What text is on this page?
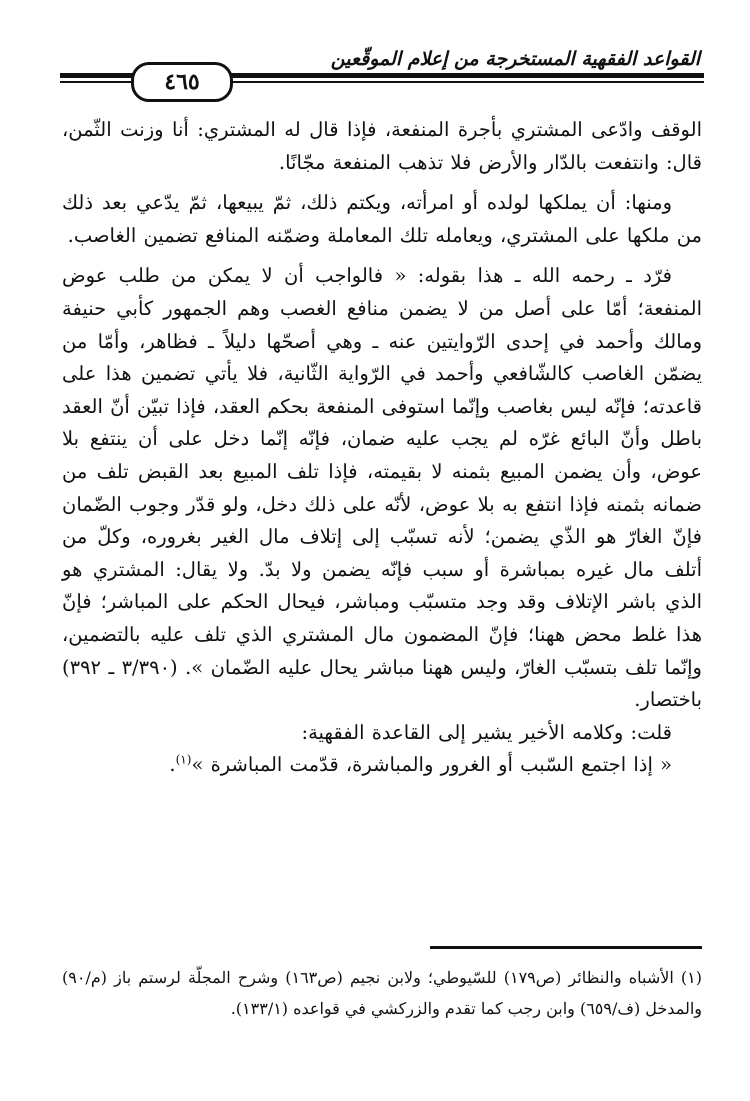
القواعد الفقهية المستخرجة من إعلام الموقّعين
٤٦٥

الوقف وادّعى المشتري بأجرة المنفعة، فإذا قال له المشتري: أنا وزنت الثّمن، قال: وانتفعت بالدّار والأرض فلا تذهب المنفعة مجّانًا.

ومنها: أن يملكها لولده أو امرأته، ويكتم ذلك، ثمّ يبيعها، ثمّ يدّعي بعد ذلك من ملكها على المشتري، ويعامله تلك المعاملة وضمّنه المنافع تضمين الغاصب.

فرّد ـ رحمه الله ـ هذا بقوله: « فالواجب أن لا يمكن من طلب عوض المنفعة؛ أمّا على أصل من لا يضمن منافع الغصب وهم الجمهور كأبي حنيفة ومالك وأحمد في إحدى الرّوايتين عنه ـ وهي أصحّها دليلاً ـ فظاهر، وأمّا من يضمّن الغاصب كالشّافعي وأحمد في الرّواية الثّانية، فلا يأتي تضمين هذا على قاعدته؛ فإنّه ليس بغاصب وإنّما استوفى المنفعة بحكم العقد، فإذا تبيّن أنّ العقد باطل وأنّ البائع غرّه لم يجب عليه ضمان، فإنّه إنّما دخل على أن ينتفع بلا عوض، وأن يضمن المبيع بثمنه لا بقيمته، فإذا تلف المبيع بعد القبض تلف من ضمانه بثمنه فإذا انتفع به بلا عوض، لأنّه على ذلك دخل، ولو قدّر وجوب الضّمان فإنّ الغارّ هو الذّي يضمن؛ لأنه تسبّب إلى إتلاف مال الغير بغروره، وكلّ من أتلف مال غيره بمباشرة أو سبب فإنّه يضمن ولا بدّ. ولا يقال: المشتري هو الذي باشر الإتلاف وقد وجد متسبّب ومباشر، فيحال الحكم على المباشر؛ فإنّ هذا غلط محض ههنا؛ فإنّ المضمون مال المشتري الذي تلف عليه بالتضمين، وإنّما تلف بتسبّب الغارّ، وليس ههنا مباشر يحال عليه الضّمان ». (٣/٣٩٠ ـ ٣٩٢) باختصار.

قلت: وكلامه الأخير يشير إلى القاعدة الفقهية:

« إذا اجتمع السّبب أو الغرور والمباشرة، قدّمت المباشرة »$^{(١)}$.

(١) الأشباه والنظائر (ص١٧٩) للسّيوطي؛ ولابن نجيم (ص١٦٣) وشرح المجلّة لرستم باز (م/٩٠) والمدخل (ف/٦٥٩) وابن رجب كما تقدم والزركشي في قواعده (١٣٣/١).
